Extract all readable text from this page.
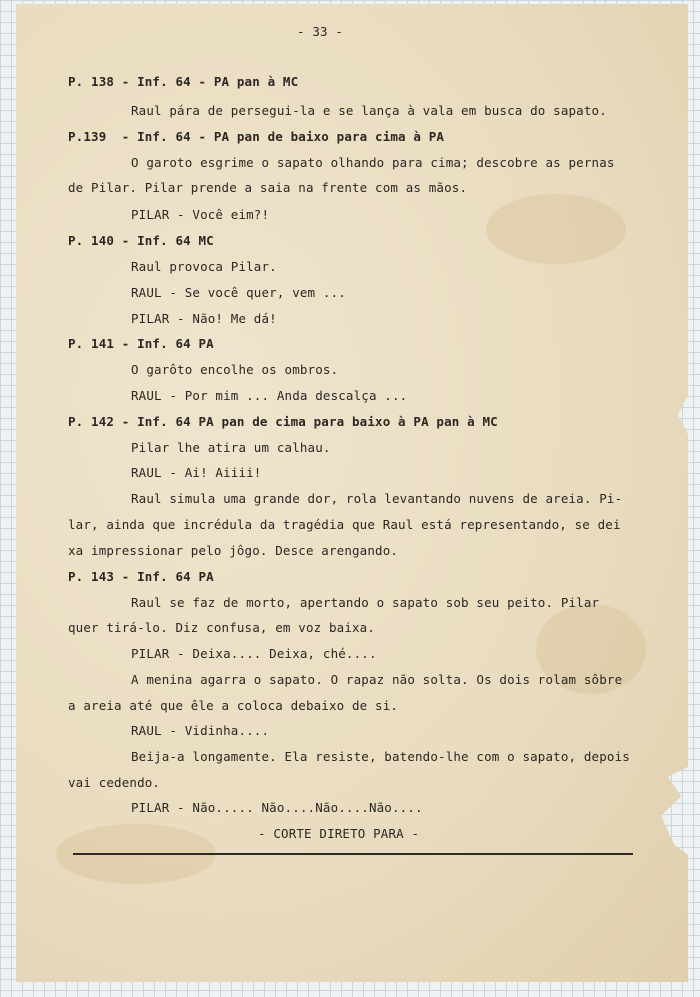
- 33 -
P. 138 - Inf. 64 - PA pan à MC
Raul pára de persegui-la e se lança à vala em busca do sapato.
P.139  - Inf. 64 - PA pan de baixo para cima à PA
O garoto esgrime o sapato olhando para cima; descobre as pernas
de Pilar. Pilar prende a saia na frente com as mãos.
PILAR - Você eim?!
P. 140 - Inf. 64 MC
Raul provoca Pilar.
RAUL - Se você quer, vem ...
PILAR - Não! Me dá!
P. 141 - Inf. 64 PA
O garôto encolhe os ombros.
RAUL - Por mim ... Anda descalça ...
P. 142 - Inf. 64 PA pan de cima para baixo à PA pan à MC
Pilar lhe atira um calhau.
RAUL - Ai! Aiiii!
Raul simula uma grande dor, rola levantando nuvens de areia. Pi-
lar, ainda que incrédula da tragédia que Raul está representando, se dei
xa impressionar pelo jôgo. Desce arengando.
P. 143 - Inf. 64 PA
Raul se faz de morto, apertando o sapato sob seu peito. Pilar
quer tirá-lo. Diz confusa, em voz baixa.
PILAR - Deixa.... Deixa, ché....
A menina agarra o sapato. O rapaz não solta. Os dois rolam sôbre
a areia até que êle a coloca debaixo de si.
RAUL - Vidinha....
Beija-a longamente. Ela resiste, batendo-lhe com o sapato, depois
vai cedendo.
PILAR - Não..... Não....Não....Não....
- CORTE DIRETO PARA -
